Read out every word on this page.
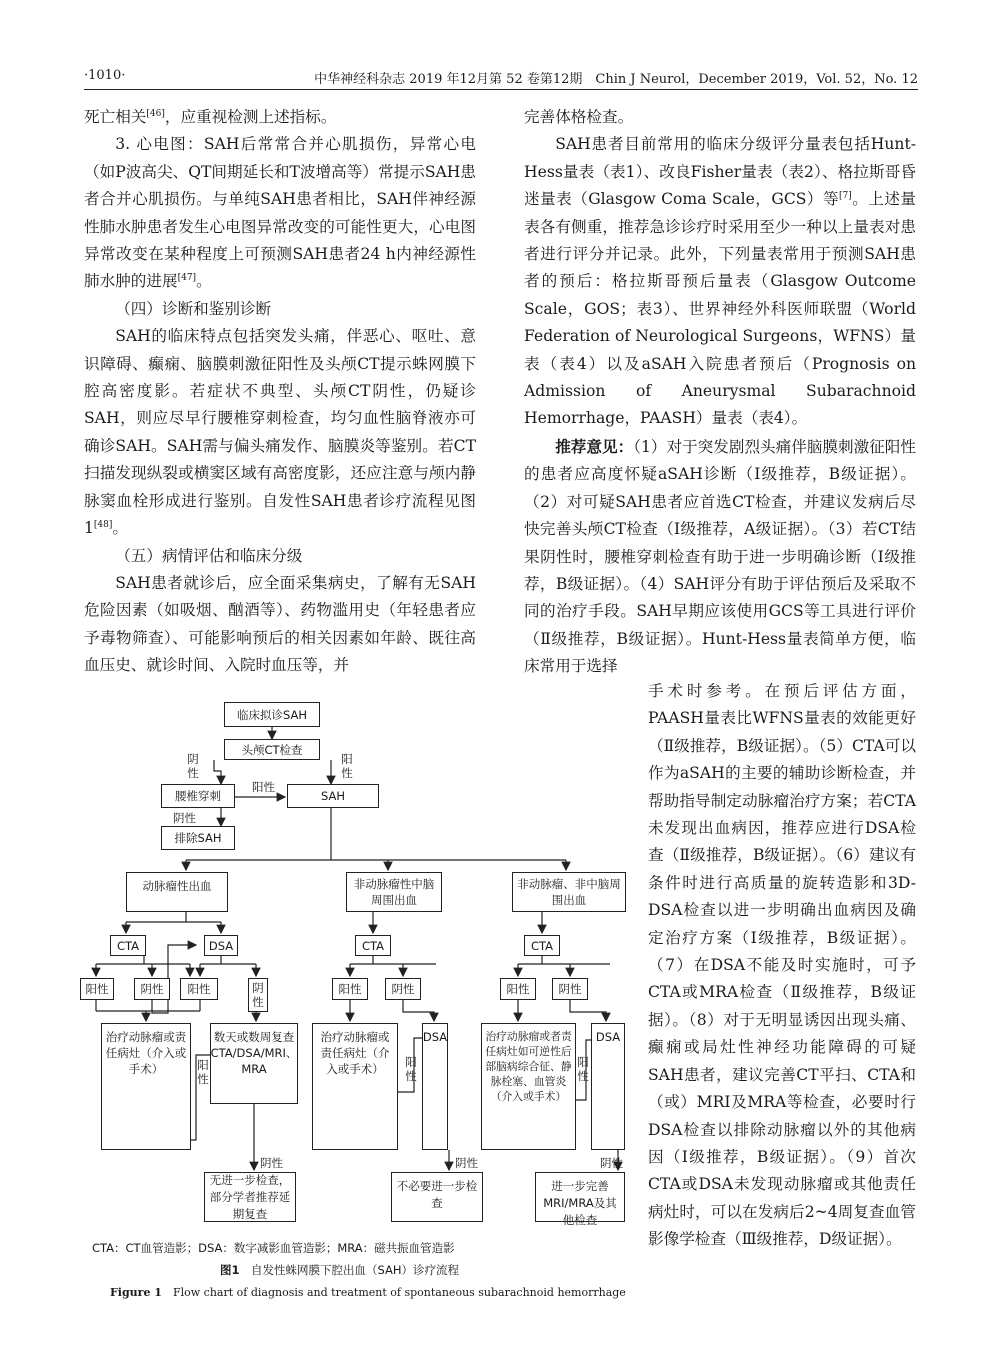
·1010·	中华神经科杂志 2019 年12月第 52 卷第12期　Chin J Neurol，December 2019，Vol. 52，No. 12

死亡相关[46]，应重视检测上述指标。

3. 心电图：SAH后常常合并心肌损伤，异常心电（如P波高尖、QT间期延长和T波增高等）常提示SAH患者合并心肌损伤。与单纯SAH患者相比，SAH伴神经源性肺水肿患者发生心电图异常改变的可能性更大，心电图异常改变在某种程度上可预测SAH患者24 h内神经源性肺水肿的进展[47]。

（四）诊断和鉴别诊断

SAH的临床特点包括突发头痛，伴恶心、呕吐、意识障碍、癫痫、脑膜刺激征阳性及头颅CT提示蛛网膜下腔高密度影。若症状不典型、头颅CT阴性，仍疑诊SAH，则应尽早行腰椎穿刺检查，均匀血性脑脊液亦可确诊SAH。SAH需与偏头痛发作、脑膜炎等鉴别。若CT扫描发现纵裂或横窦区域有高密度影，还应注意与颅内静脉窦血栓形成进行鉴别。自发性SAH患者诊疗流程见图1[48]。

（五）病情评估和临床分级

SAH患者就诊后，应全面采集病史，了解有无SAH危险因素（如吸烟、酗酒等）、药物滥用史（年轻患者应予毒物筛查）、可能影响预后的相关因素如年龄、既往高血压史、就诊时间、入院时血压等，并

完善体格检查。

SAH患者目前常用的临床分级评分量表包括Hunt-Hess量表（表1）、改良Fisher量表（表2）、格拉斯哥昏迷量表（Glasgow Coma Scale，GCS）等[7]。上述量表各有侧重，推荐急诊诊疗时采用至少一种以上量表对患者进行评分并记录。此外，下列量表常用于预测SAH患者的预后：格拉斯哥预后量表（Glasgow Outcome Scale，GOS；表3）、世界神经外科医师联盟（World Federation of Neurological Surgeons，WFNS）量表（表4）以及aSAH入院患者预后（Prognosis on Admission of Aneurysmal Subarachnoid Hemorrhage，PAASH）量表（表4）。

推荐意见：（1）对于突发剧烈头痛伴脑膜刺激征阳性的患者应高度怀疑aSAH诊断（Ⅰ级推荐，B级证据）。（2）对可疑SAH患者应首选CT检查，并建议发病后尽快完善头颅CT检查（Ⅰ级推荐，A级证据）。（3）若CT结果阴性时，腰椎穿刺检查有助于进一步明确诊断（Ⅰ级推荐，B级证据）。（4）SAH评分有助于评估预后及采取不同的治疗手段。SAH早期应该使用GCS等工具进行评价（Ⅱ级推荐，B级证据）。Hunt-Hess量表简单方便，临床常用于选择

手术时参考。在预后评估方面，PAASH量表比WFNS量表的效能更好（Ⅱ级推荐，B级证据）。（5）CTA可以作为aSAH的主要的辅助诊断检查，并帮助指导制定动脉瘤治疗方案；若CTA未发现出血病因，推荐应进行DSA检查（Ⅱ级推荐，B级证据）。（6）建议有条件时进行高质量的旋转造影和3D-DSA检查以进一步明确出血病因及确定治疗方案（Ⅰ级推荐，B级证据）。（7）在DSA不能及时实施时，可予CTA或MRA检查（Ⅱ级推荐，B级证据）。（8）对于无明显诱因出现头痛、癫痫或局灶性神经功能障碍的可疑SAH患者，建议完善CT平扫、CTA和（或）MRI及MRA等检查，必要时行DSA检查以排除动脉瘤以外的其他病因（Ⅰ级推荐，B级证据）。（9）首次CTA或DSA未发现动脉瘤或其他责任病灶时，可以在发病后2~4周复查血管影像学检查（Ⅲ级推荐，D级证据）。

临床拟诊SAH
头颅CT检查
腰椎穿刺	SAH
排除SAH
动脉瘤性出血	非动脉瘤性中脑周围出血
非动脉瘤、非中脑周围出血
CTA	DSA	CTA	CTA
阳性	阴性	阳性	阴性
阳性	阴性	阳性	阴性
治疗动脉瘤或责任病灶（介入或手术）
数天或数周复查CTA/DSA/MRI、MRA
治疗动脉瘤或责任病灶（介入或手术）
DSA	治疗动脉瘤或者责任病灶如可逆性后部脑病综合征、静脉栓塞、血管炎（介入或手术）
DSA
无进一步检查，部分学者推荐延期复查
不必要进一步检查
进一步完善MRI/MRA及其他检查
阴性
阳性
阳性
阴性
阳性
阳性
阳性
阴性	阴性	阴性
CTA：CT血管造影；DSA：数字减影血管造影；MRA：磁共振血管造影
图1　 自发性蛛网膜下腔出血（SAH）诊疗流程
Figure 1　 Flow chart of diagnosis and treatment of spontaneous subarachnoid hemorrhage
